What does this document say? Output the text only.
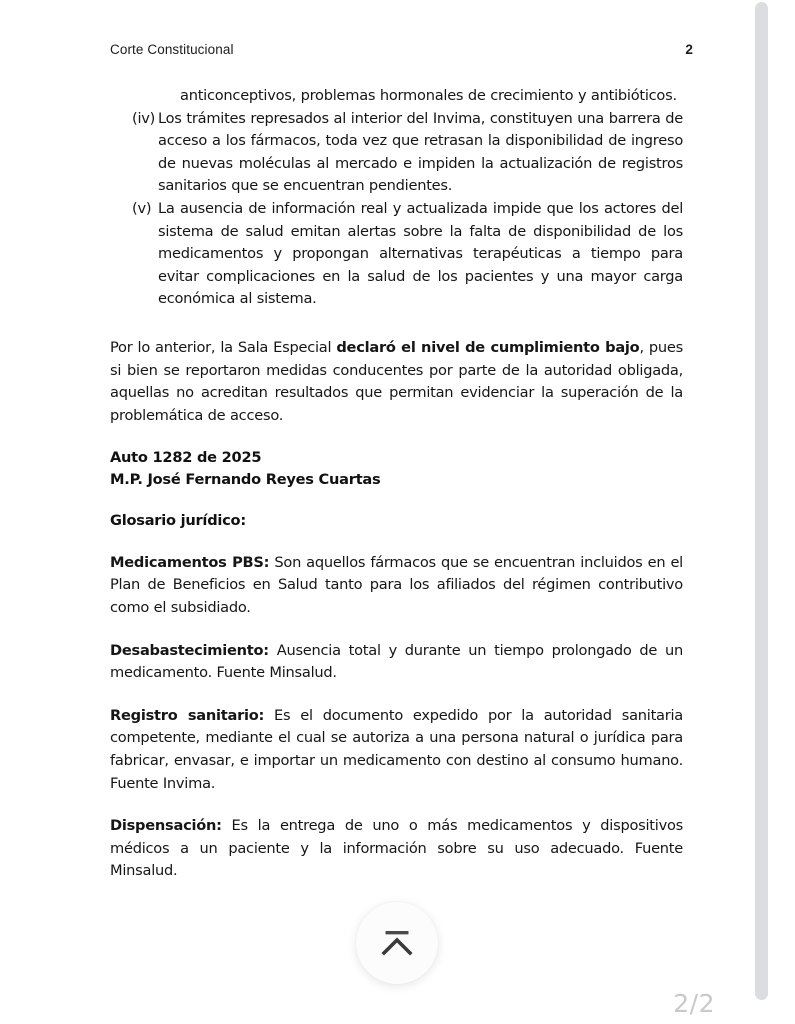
Corte Constitucional	2

anticonceptivos, problemas hormonales de crecimiento y antibióticos.

(iv) Los trámites represados al interior del Invima, constituyen una barrera de acceso a los fármacos, toda vez que retrasan la disponibilidad de ingreso de nuevas moléculas al mercado e impiden la actualización de registros sanitarios que se encuentran pendientes.

(v) La ausencia de información real y actualizada impide que los actores del sistema de salud emitan alertas sobre la falta de disponibilidad de los medicamentos y propongan alternativas terapéuticas a tiempo para evitar complicaciones en la salud de los pacientes y una mayor carga económica al sistema.

Por lo anterior, la Sala Especial declaró el nivel de cumplimiento bajo, pues si bien se reportaron medidas conducentes por parte de la autoridad obligada, aquellas no acreditan resultados que permitan evidenciar la superación de la problemática de acceso.

Auto 1282 de 2025

M.P. José Fernando Reyes Cuartas

Glosario jurídico:

Medicamentos PBS: Son aquellos fármacos que se encuentran incluidos en el Plan de Beneficios en Salud tanto para los afiliados del régimen contributivo como el subsidiado.

Desabastecimiento: Ausencia total y durante un tiempo prolongado de un medicamento. Fuente Minsalud.

Registro sanitario: Es el documento expedido por la autoridad sanitaria competente, mediante el cual se autoriza a una persona natural o jurídica para fabricar, envasar, e importar un medicamento con destino al consumo humano. Fuente Invima.

Dispensación: Es la entrega de uno o más medicamentos y dispositivos médicos a un paciente y la información sobre su uso adecuado. Fuente Minsalud.

2/2
